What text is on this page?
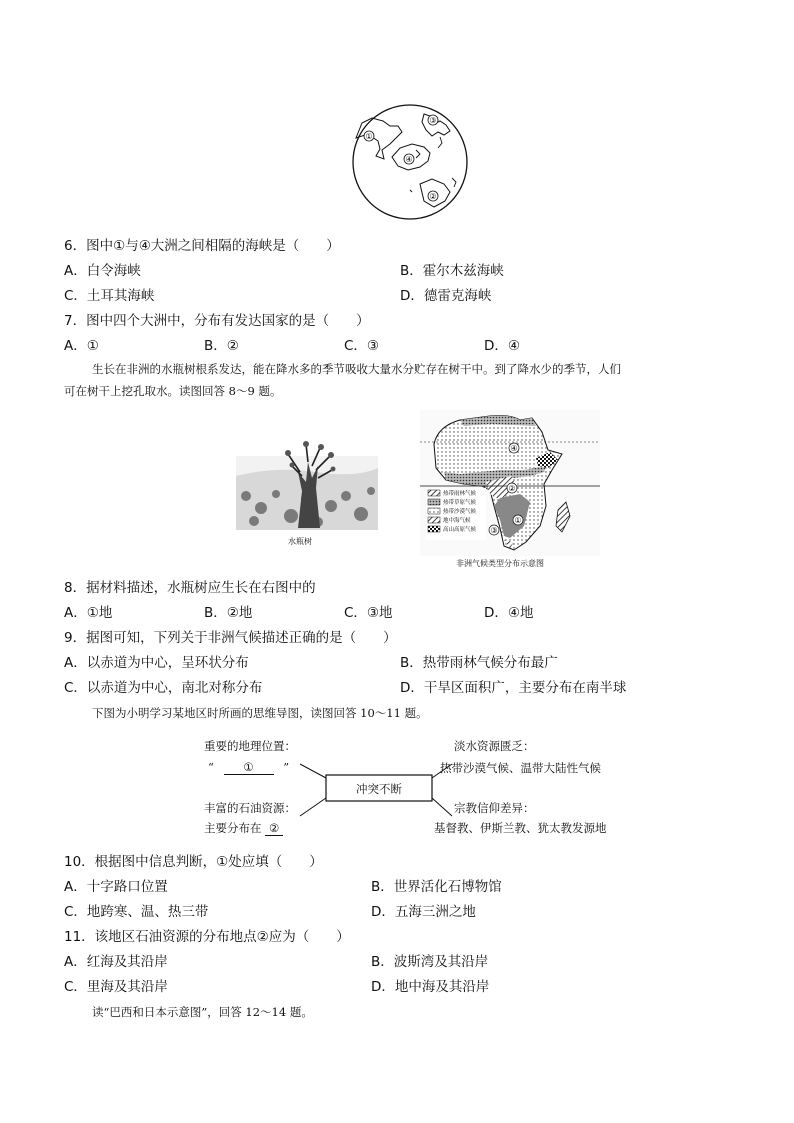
①
③
④
②
6．图中①与④大洲之间相隔的海峡是（　　）
A．白令海峡	B．霍尔木兹海峡
C．土耳其海峡	D．德雷克海峡
7．图中四个大洲中，分布有发达国家的是（　　）
A．①	B．②	C．③	D．④
生长在非洲的水瓶树根系发达，能在降水多的季节吸收大量水分贮存在树干中。到了降水少的季节，人们
可在树干上挖孔取水。读图回答 8～9 题。
水瓶树
④
②
①
③
热带雨林气候
热带草原气候
热带沙漠气候
地中海气候
高山高原气候
非洲气候类型分布示意图
8．据材料描述，水瓶树应生长在右图中的
A．①地	B．②地	C．③地	D．④地
9．据图可知，下列关于非洲气候描述正确的是（　　）
A．以赤道为中心，呈环状分布	B．热带雨林气候分布最广
C．以赤道为中心，南北对称分布	D．干旱区面积广，主要分布在南半球
下图为小明学习某地区时所画的思维导图，读图回答 10～11 题。
冲突不断
重要的地理位置：
“	①	”
丰富的石油资源：
主要分布在 ②
淡水资源匮乏：
热带沙漠气候、温带大陆性气候
宗教信仰差异：
基督教、伊斯兰教、犹太教发源地
10．根据图中信息判断，①处应填（　　）
A．十字路口位置	B．世界活化石博物馆
C．地跨寒、温、热三带	D．五海三洲之地
11．该地区石油资源的分布地点②应为（　　）
A．红海及其沿岸	B．波斯湾及其沿岸
C．里海及其沿岸	D．地中海及其沿岸
读“巴西和日本示意图”，回答 12～14 题。
